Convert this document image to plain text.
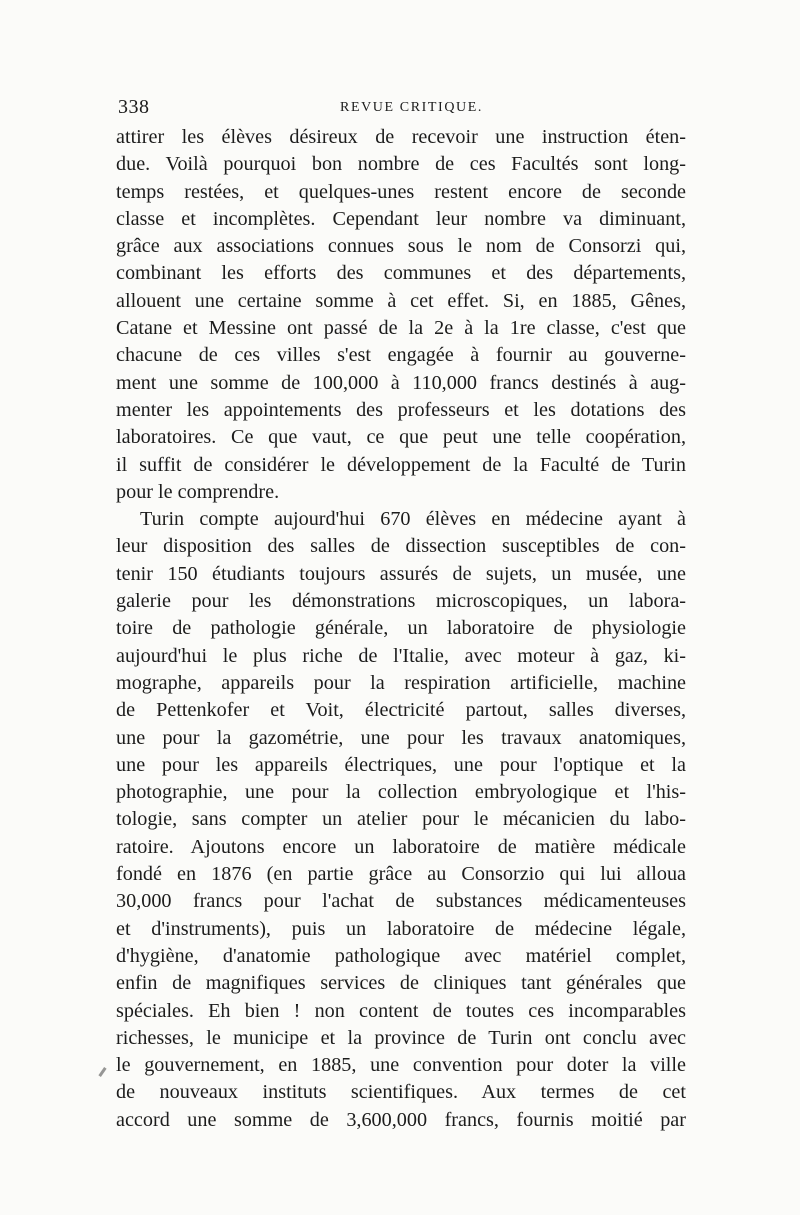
338	REVUE CRITIQUE.
attirer les élèves désireux de recevoir une instruction éten-
due. Voilà pourquoi bon nombre de ces Facultés sont long-
temps restées, et quelques-unes restent encore de seconde
classe et incomplètes. Cependant leur nombre va diminuant,
grâce aux associations connues sous le nom de Consorzi qui,
combinant les efforts des communes et des départements,
allouent une certaine somme à cet effet. Si, en 1885, Gênes,
Catane et Messine ont passé de la 2e à la 1re classe, c'est que
chacune de ces villes s'est engagée à fournir au gouverne-
ment une somme de 100,000 à 110,000 francs destinés à aug-
menter les appointements des professeurs et les dotations des
laboratoires. Ce que vaut, ce que peut une telle coopération,
il suffit de considérer le développement de la Faculté de Turin
pour le comprendre.
Turin compte aujourd'hui 670 élèves en médecine ayant à
leur disposition des salles de dissection susceptibles de con-
tenir 150 étudiants toujours assurés de sujets, un musée, une
galerie pour les démonstrations microscopiques, un labora-
toire de pathologie générale, un laboratoire de physiologie
aujourd'hui le plus riche de l'Italie, avec moteur à gaz, ki-
mographe, appareils pour la respiration artificielle, machine
de Pettenkofer et Voit, électricité partout, salles diverses,
une pour la gazométrie, une pour les travaux anatomiques,
une pour les appareils électriques, une pour l'optique et la
photographie, une pour la collection embryologique et l'his-
tologie, sans compter un atelier pour le mécanicien du labo-
ratoire. Ajoutons encore un laboratoire de matière médicale
fondé en 1876 (en partie grâce au Consorzio qui lui alloua
30,000 francs pour l'achat de substances médicamenteuses
et d'instruments), puis un laboratoire de médecine légale,
d'hygiène, d'anatomie pathologique avec matériel complet,
enfin de magnifiques services de cliniques tant générales que
spéciales. Eh bien ! non content de toutes ces incomparables
richesses, le municipe et la province de Turin ont conclu avec
le gouvernement, en 1885, une convention pour doter la ville
de nouveaux instituts scientifiques. Aux termes de cet
accord une somme de 3,600,000 francs, fournis moitié par
